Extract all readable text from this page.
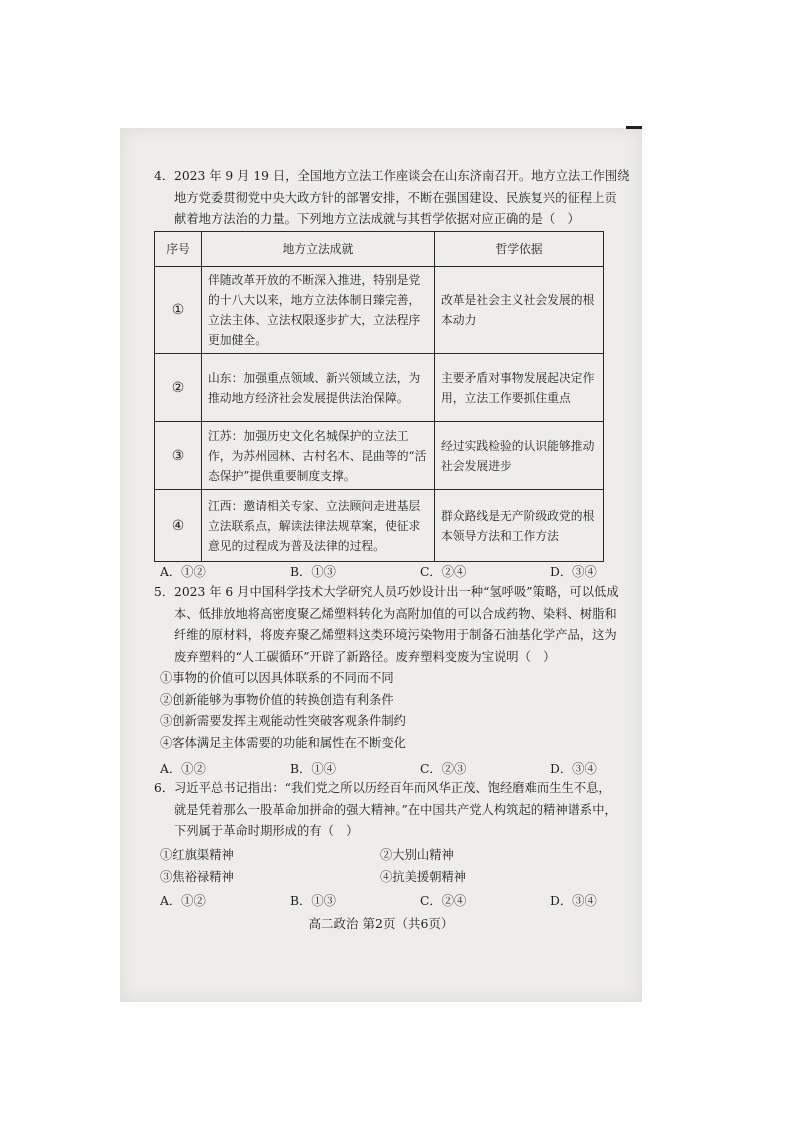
4． 2023 年 9 月 19 日，全国地方立法工作座谈会在山东济南召开。地方立法工作围绕
地方党委贯彻党中央大政方针的部署安排，不断在强国建设、民族复兴的征程上贡
献着地方法治的力量。下列地方立法成就与其哲学依据对应正确的是（　）
序号	地方立法成就	哲学依据
①	伴随改革开放的不断深入推进，特别是党的十八大以来，地方立法体制日臻完善，立法主体、立法权限逐步扩大，立法程序更加健全。	改革是社会主义社会发展的根本动力
②	山东：加强重点领域、新兴领域立法，为推动地方经济社会发展提供法治保障。	主要矛盾对事物发展起决定作用，立法工作要抓住重点
③	江苏：加强历史文化名城保护的立法工作，为苏州园林、古村名木、昆曲等的“活态保护”提供重要制度支撑。	经过实践检验的认识能够推动社会发展进步
④	江西：邀请相关专家、立法顾问走进基层立法联系点，解读法律法规草案，使征求意见的过程成为普及法律的过程。	群众路线是无产阶级政党的根本领导方法和工作方法
A．①②	B．①③	C．②④	D．③④
5． 2023 年 6 月中国科学技术大学研究人员巧妙设计出一种“氢呼吸”策略，可以低成
本、低排放地将高密度聚乙烯塑料转化为高附加值的可以合成药物、染料、树脂和
纤维的原材料，将废弃聚乙烯塑料这类环境污染物用于制备石油基化学产品，这为
废弃塑料的“人工碳循环”开辟了新路径。废弃塑料变废为宝说明（　）
①事物的价值可以因具体联系的不同而不同
②创新能够为事物价值的转换创造有利条件
③创新需要发挥主观能动性突破客观条件制约
④客体满足主体需要的功能和属性在不断变化
A．①②	B．①④	C．②③	D．③④
6． 习近平总书记指出：“我们党之所以历经百年而风华正茂、饱经磨难而生生不息，
就是凭着那么一股革命加拼命的强大精神。”在中国共产党人构筑起的精神谱系中，
下列属于革命时期形成的有（　）
①红旗渠精神	②大别山精神
③焦裕禄精神	④抗美援朝精神
A．①②	B．①③	C．②④	D．③④
高二政治 第2页（共6页）
